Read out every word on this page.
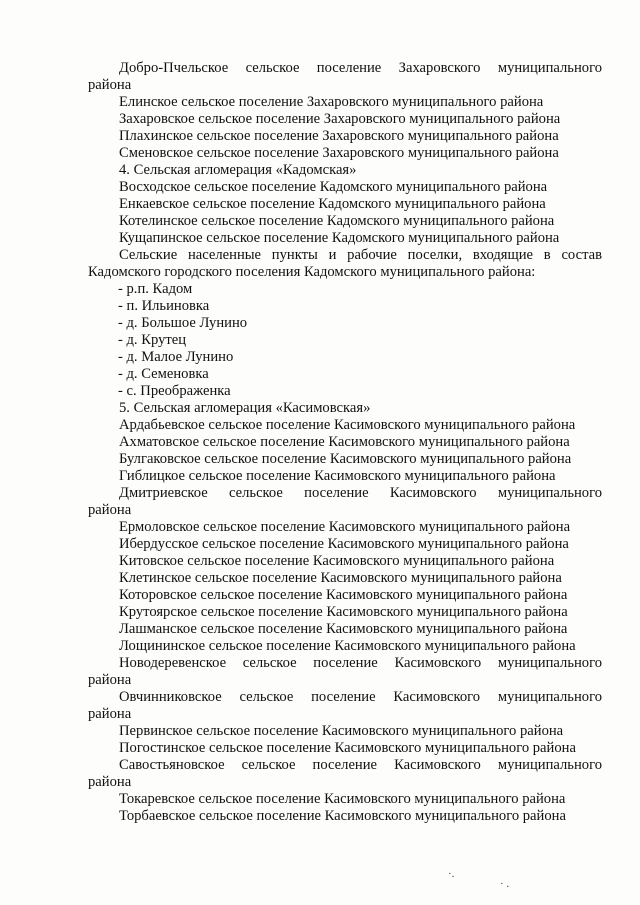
Добро-Пчельское сельское поселение Захаровского муниципального
района
Елинское сельское поселение Захаровского муниципального района
Захаровское сельское поселение Захаровского муниципального района
Плахинское сельское поселение Захаровского муниципального района
Сменовское сельское поселение Захаровского муниципального района
4. Сельская агломерация «Кадомская»
Восходское сельское поселение Кадомского муниципального района
Енкаевское сельское поселение Кадомского муниципального района
Котелинское сельское поселение Кадомского муниципального района
Кущапинское сельское поселение Кадомского муниципального района
Сельские населенные пункты и рабочие поселки, входящие в состав
Кадомского городского поселения Кадомского муниципального района:
- р.п. Кадом
- п. Ильиновка
- д. Большое Лунино
- д. Крутец
- д. Малое Лунино
- д. Семеновка
- с. Преображенка
5. Сельская агломерация «Касимовская»
Ардабьевское сельское поселение Касимовского муниципального района
Ахматовское сельское поселение Касимовского муниципального района
Булгаковское сельское поселение Касимовского муниципального района
Гиблицкое сельское поселение Касимовского муниципального района
Дмитриевское сельское поселение Касимовского муниципального
района
Ермоловское сельское поселение Касимовского муниципального района
Ибердусское сельское поселение Касимовского муниципального района
Китовское сельское поселение Касимовского муниципального района
Клетинское сельское поселение Касимовского муниципального района
Которовское сельское поселение Касимовского муниципального района
Крутоярское сельское поселение Касимовского муниципального района
Лашманское сельское поселение Касимовского муниципального района
Лощининское сельское поселение Касимовского муниципального района
Новодеревенское сельское поселение Касимовского муниципального
района
Овчинниковское сельское поселение Касимовского муниципального
района
Первинское сельское поселение Касимовского муниципального района
Погостинское сельское поселение Касимовского муниципального района
Савостьяновское сельское поселение Касимовского муниципального
района
Токаревское сельское поселение Касимовского муниципального района
Торбаевское сельское поселение Касимовского муниципального района
·.
· .
